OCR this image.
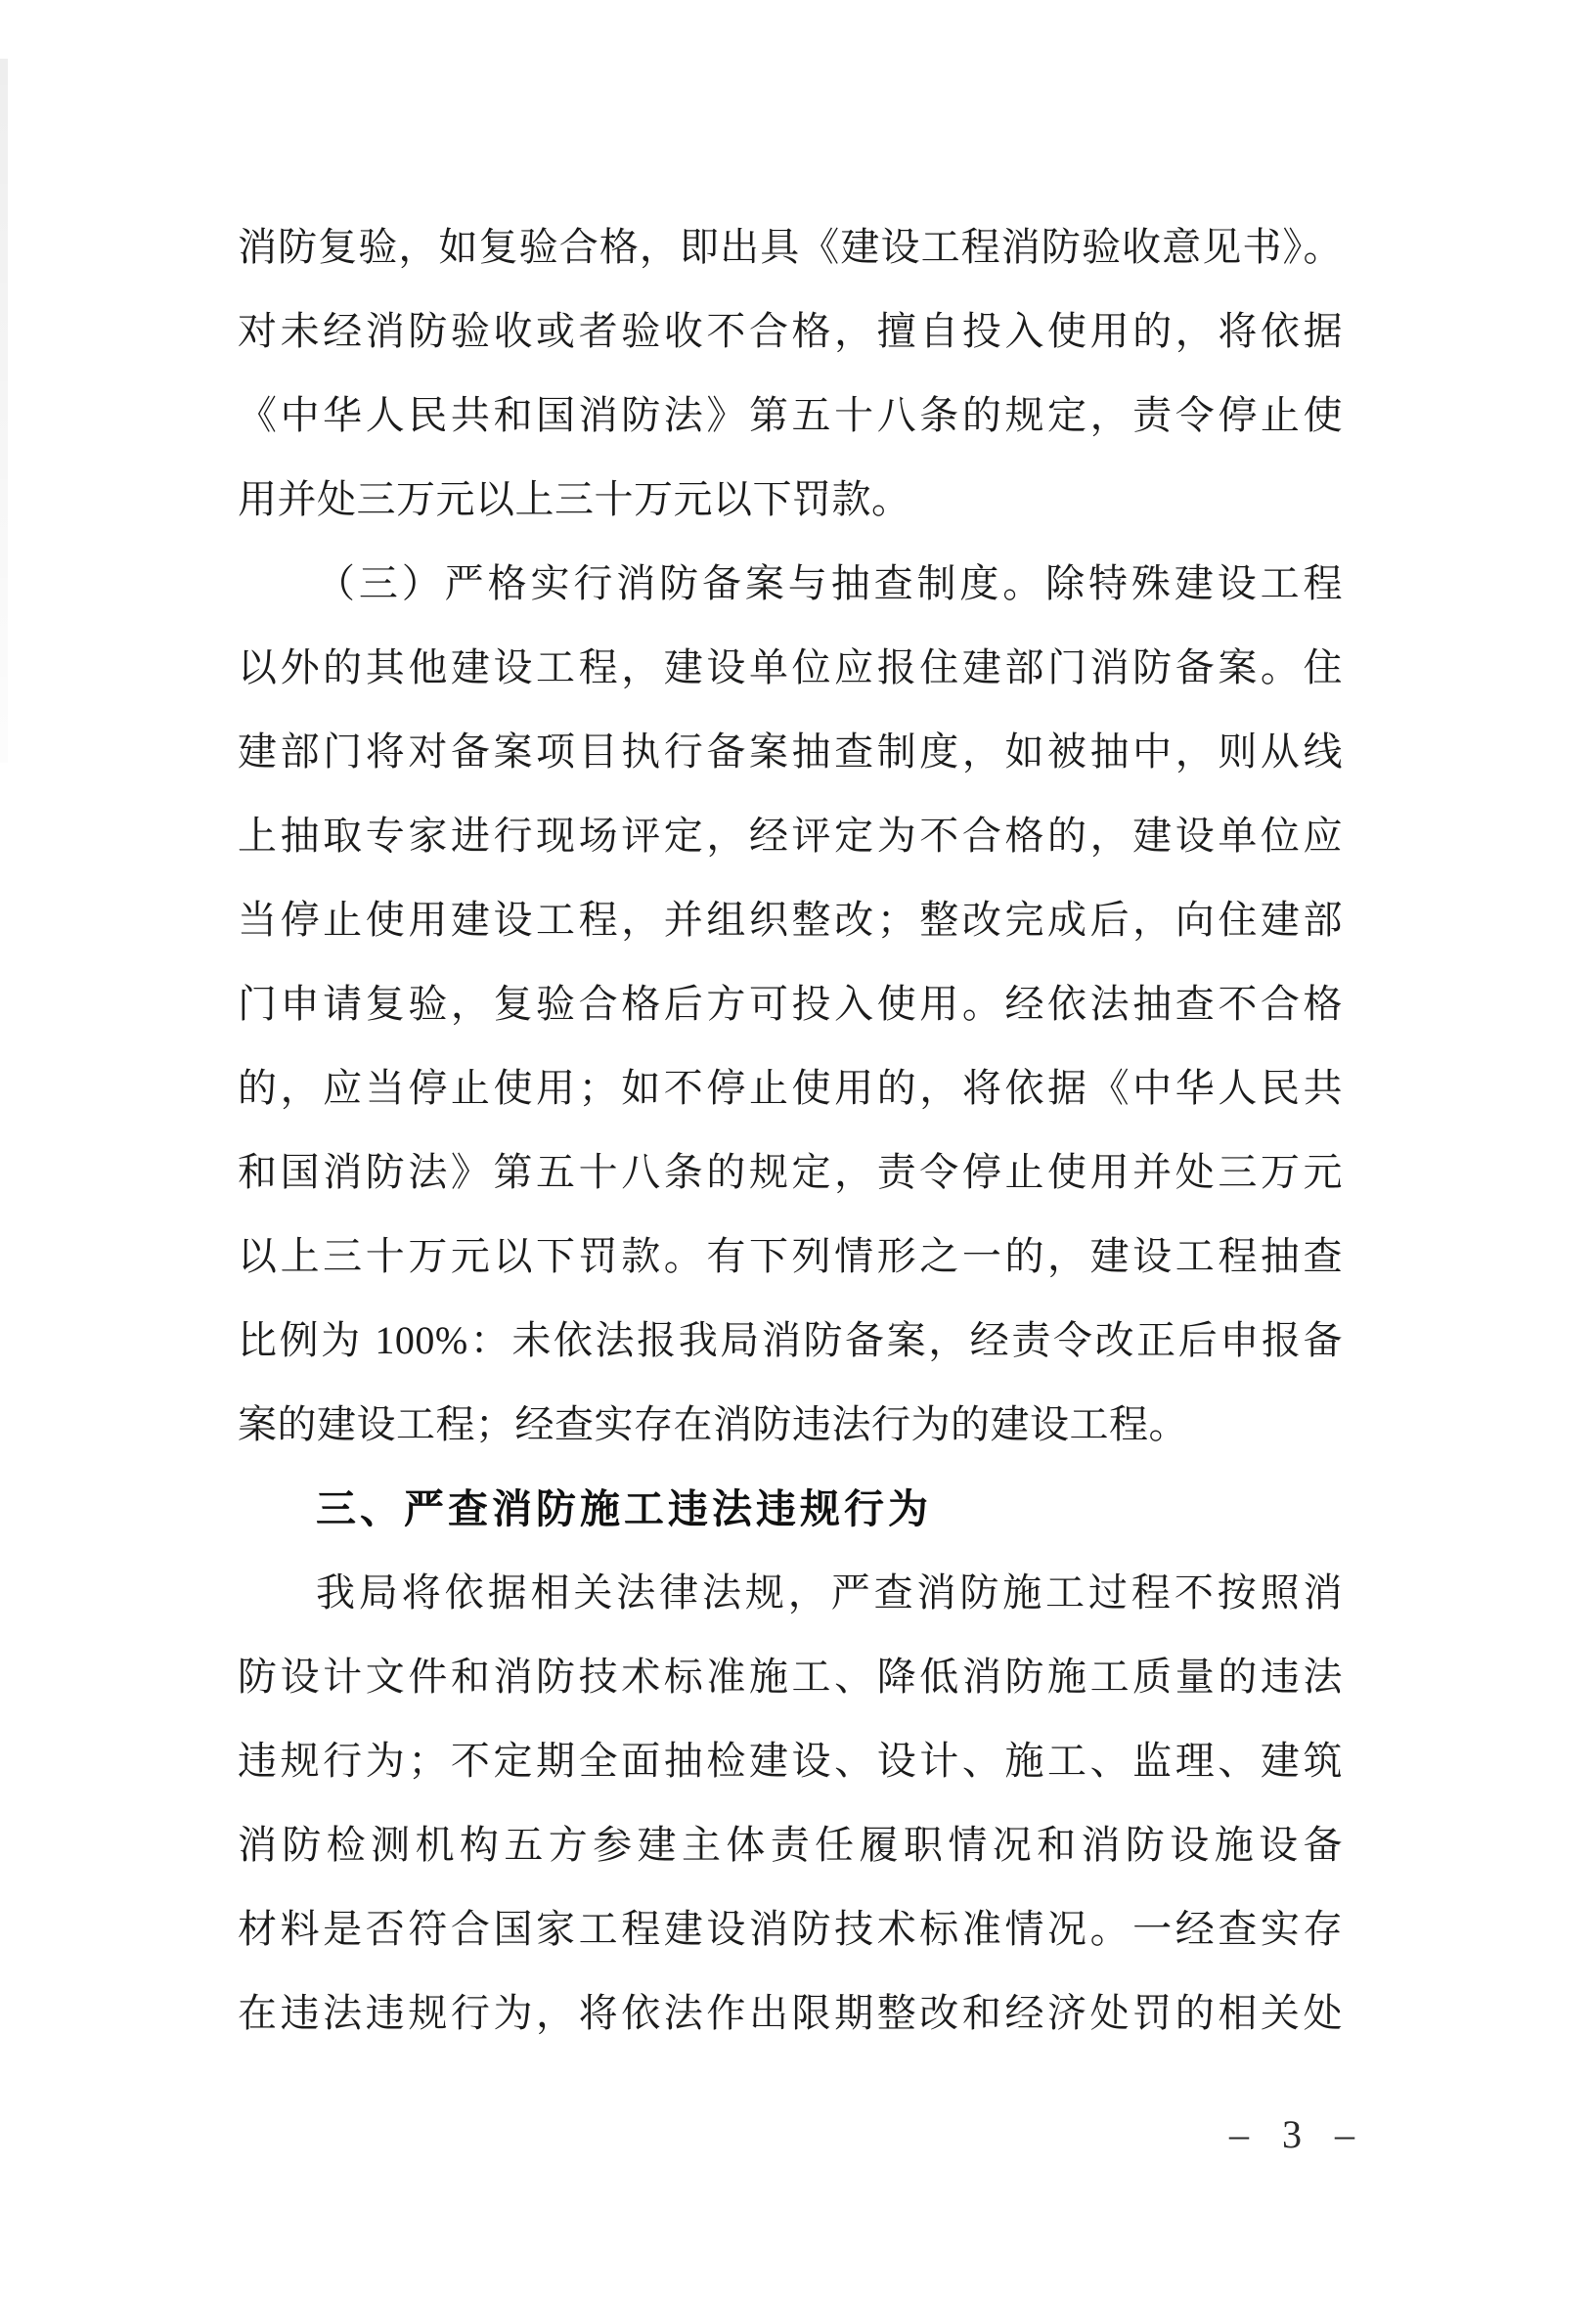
消防复验，如复验合格，即出具《建设工程消防验收意见书》。
对未经消防验收或者验收不合格，擅自投入使用的，将依据
《中华人民共和国消防法》第五十八条的规定，责令停止使
用并处三万元以上三十万元以下罚款。
（三）严格实行消防备案与抽查制度。除特殊建设工程
以外的其他建设工程，建设单位应报住建部门消防备案。住
建部门将对备案项目执行备案抽查制度，如被抽中，则从线
上抽取专家进行现场评定，经评定为不合格的，建设单位应
当停止使用建设工程，并组织整改；整改完成后，向住建部
门申请复验，复验合格后方可投入使用。经依法抽查不合格
的，应当停止使用；如不停止使用的，将依据《中华人民共
和国消防法》第五十八条的规定，责令停止使用并处三万元
以上三十万元以下罚款。有下列情形之一的，建设工程抽查
比例为 100%：未依法报我局消防备案，经责令改正后申报备
案的建设工程；经查实存在消防违法行为的建设工程。
三、严查消防施工违法违规行为
我局将依据相关法律法规，严查消防施工过程不按照消
防设计文件和消防技术标准施工、降低消防施工质量的违法
违规行为；不定期全面抽检建设、设计、施工、监理、建筑
消防检测机构五方参建主体责任履职情况和消防设施设备
材料是否符合国家工程建设消防技术标准情况。一经查实存
在违法违规行为，将依法作出限期整改和经济处罚的相关处
– 3 –
